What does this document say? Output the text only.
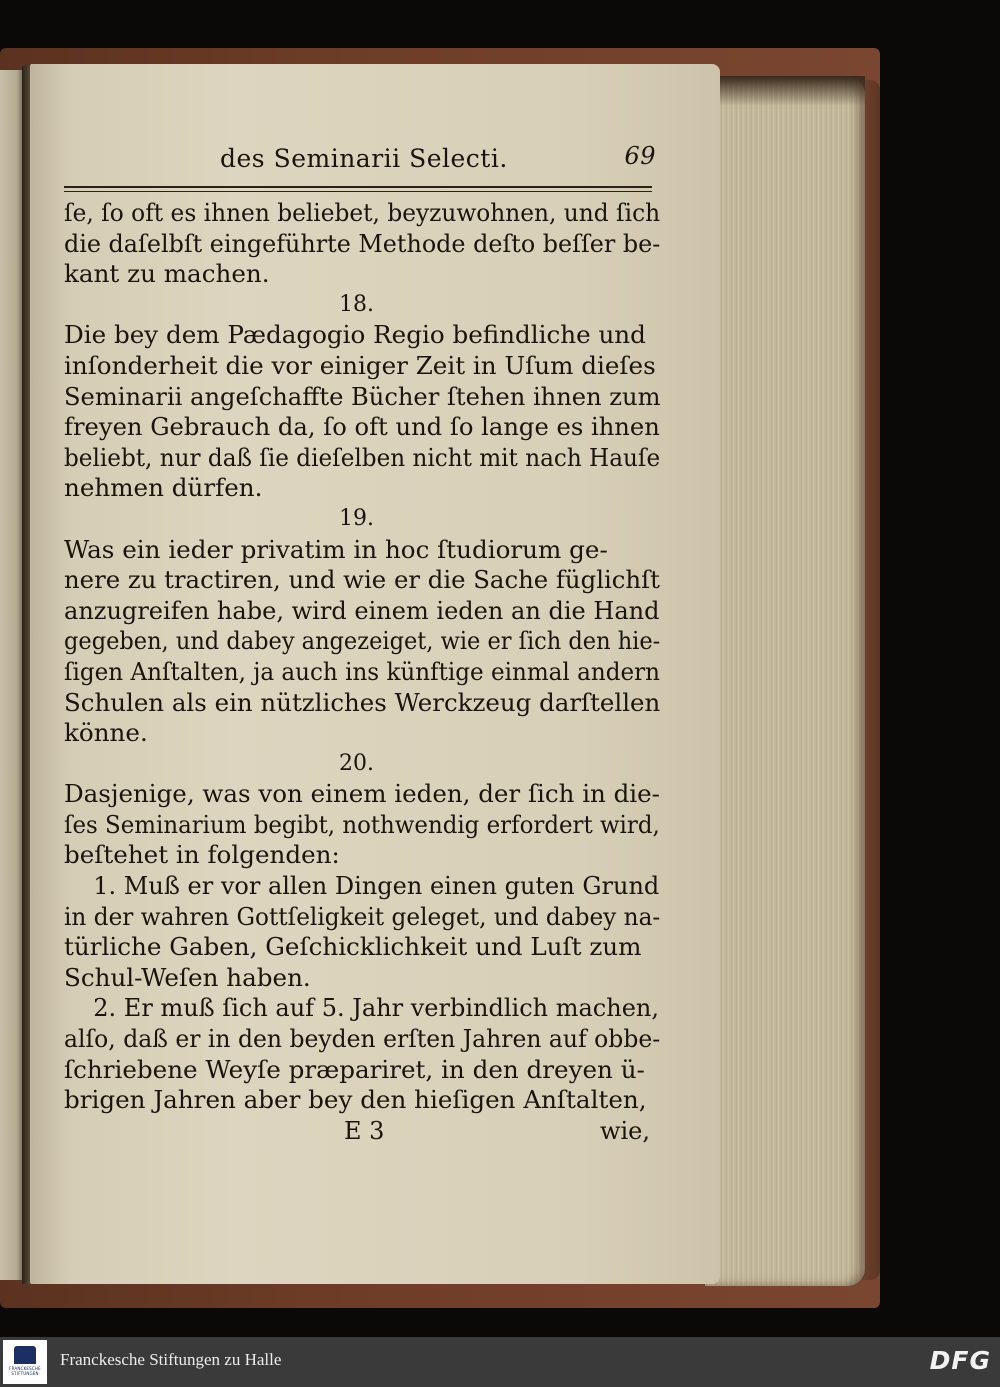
des Seminarii Selecti.	69
ſe, ſo oft es ihnen beliebet, beyzuwohnen, und ſich
die daſelbſt eingeführte Methode deſto beſſer be-
kant zu machen.
18.
Die bey dem Pædagogio Regio befindliche und
inſonderheit die vor einiger Zeit in Uſum dieſes
Seminarii angeſchaffte Bücher ſtehen ihnen zum
freyen Gebrauch da, ſo oft und ſo lange es ihnen
beliebt, nur daß ſie dieſelben nicht mit nach Hauſe
nehmen dürfen.
19.
Was ein ieder privatim in hoc ſtudiorum ge-
nere zu tractiren, und wie er die Sache füglichſt
anzugreifen habe, wird einem ieden an die Hand
gegeben, und dabey angezeiget, wie er ſich den hie-
ſigen Anſtalten, ja auch ins künftige einmal andern
Schulen als ein nützliches Werckzeug darſtellen
könne.
20.
Dasjenige, was von einem ieden, der ſich in die-
ſes Seminarium begibt, nothwendig erfordert wird,
beſtehet in folgenden:
1. Muß er vor allen Dingen einen guten Grund
in der wahren Gottſeligkeit geleget, und dabey na-
türliche Gaben, Geſchicklichkeit und Luſt zum
Schul-Weſen haben.
2. Er muß ſich auf 5. Jahr verbindlich machen,
alſo, daß er in den beyden erſten Jahren auf obbe-
ſchriebene Weyſe præpariret, in den dreyen ü-
brigen Jahren aber bey den hieſigen Anſtalten,
E 3	wie,
FRANCKESCHE STIFTUNGEN
Franckesche Stiftungen zu Halle	DFG
